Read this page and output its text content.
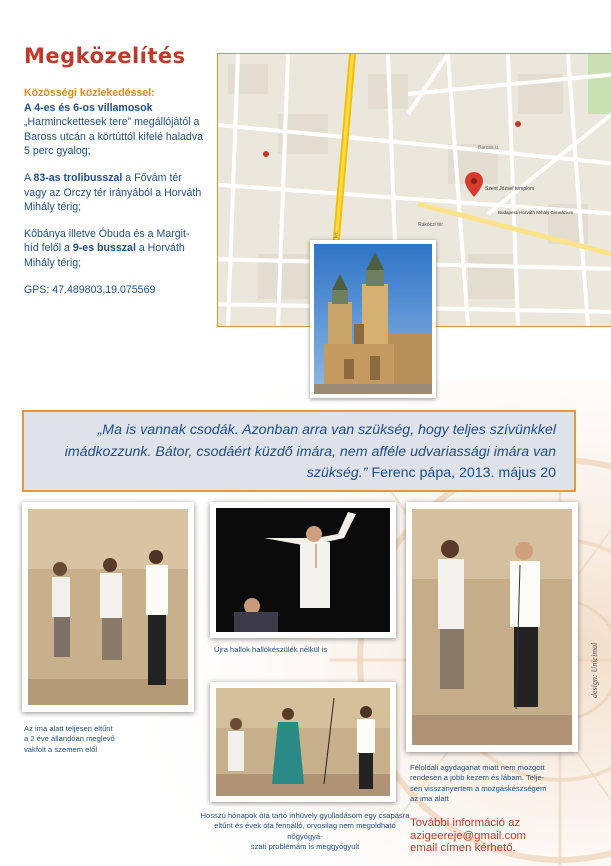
Megközelítés

Közösségi közlekedéssel:

A 4-es és 6-os villamosok
„Harminckettesek tere” megállójától a Baross utcán a körtúttól kifelé haladva 5 perc gyalog;

A 83-as trolibusszal a Fővám tér vagy az Orczy tér irányából a Horváth Mihály térig;

Kőbánya illetve Óbuda és a Margit-híd felől a 9-es busszal a Horváth Mihály térig;

GPS: 47.489803,19.075569

Szent József templom
Budapesti Horváth Mihály Gimnázium
Rákóczi tér
Baross u.
„Ma is vannak csodák. Azonban arra van szükség, hogy teljes szívünkkel imádkozzunk. Bátor, csodáért küzdő imára, nem afféle udvariassági imára van szükség.” Ferenc pápa, 2013. május 20
Az ima alatt teljesen eltűnt
a 2 éve állandóan meglevő
vakfolt a szemem elől
Újra hallok hallókészülék nélkül is
Hosszú hónapok óta tartó ínhüvely gyulladásom egy csapásra
eltűnt és évek óta fennálló, orvosilag nem megoldható nőgyógyá-
szati problémám is meggyógyult
Féloldali agydaganat miatt nem mozgott
rendesen a jobb kezem és lábam. Telje-
sen visszanyertem a mozgáskészségem
az ima alatt
További információ az
azigeereje@gmail.com
email címen kérhető.
design: Unicimal
